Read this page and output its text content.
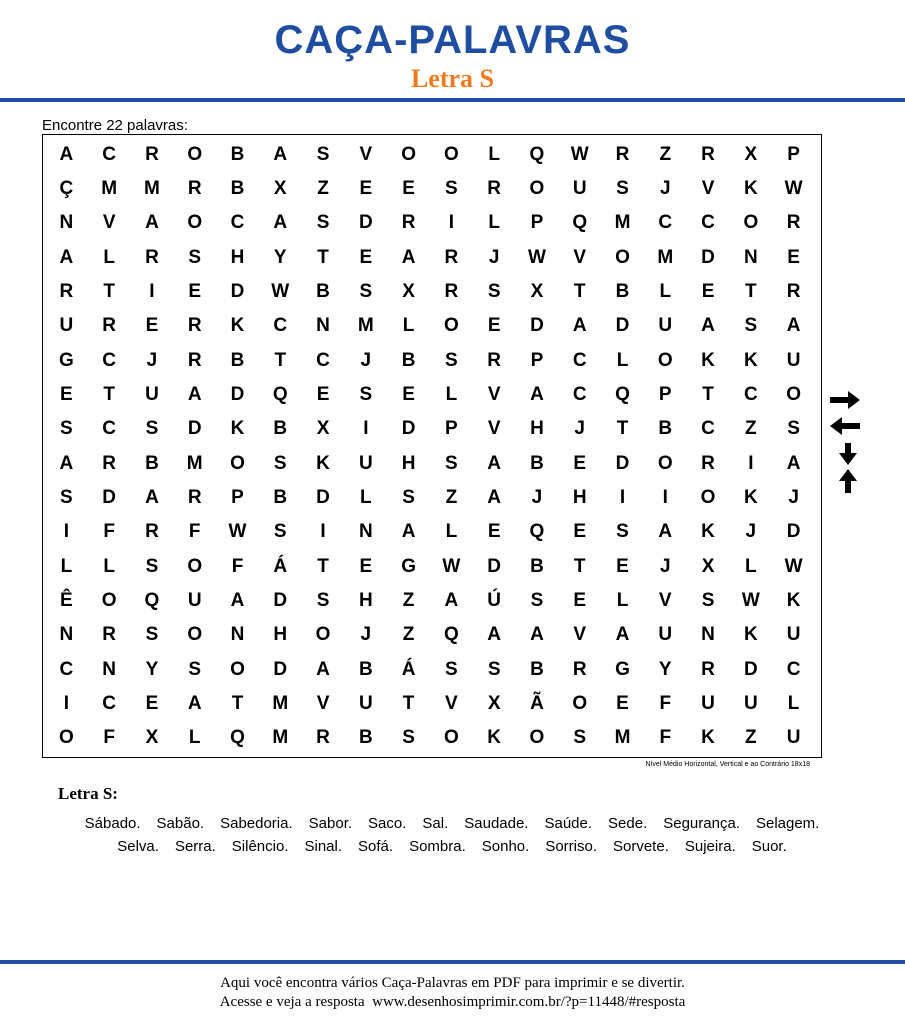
CAÇA-PALAVRAS
Letra S
Encontre 22 palavras:
A	C	R	O	B	A	S	V	O	O	L	Q	W	R	Z	R	X	P
Ç	M	M	R	B	X	Z	E	E	S	R	O	U	S	J	V	K	W
N	V	A	O	C	A	S	D	R	I	L	P	Q	M	C	C	O	R
A	L	R	S	H	Y	T	E	A	R	J	W	V	O	M	D	N	E
R	T	I	E	D	W	B	S	X	R	S	X	T	B	L	E	T	R
U	R	E	R	K	C	N	M	L	O	E	D	A	D	U	A	S	A
G	C	J	R	B	T	C	J	B	S	R	P	C	L	O	K	K	U
E	T	U	A	D	Q	E	S	E	L	V	A	C	Q	P	T	C	O
S	C	S	D	K	B	X	I	D	P	V	H	J	T	B	C	Z	S
A	R	B	M	O	S	K	U	H	S	A	B	E	D	O	R	I	A
S	D	A	R	P	B	D	L	S	Z	A	J	H	I	I	O	K	J
I	F	R	F	W	S	I	N	A	L	E	Q	E	S	A	K	J	D
L	L	S	O	F	Á	T	E	G	W	D	B	T	E	J	X	L	W
Ê	O	Q	U	A	D	S	H	Z	A	Ú	S	E	L	V	S	W	K
N	R	S	O	N	H	O	J	Z	Q	A	A	V	A	U	N	K	U
C	N	Y	S	O	D	A	B	Á	S	S	B	R	G	Y	R	D	C
I	C	E	A	T	M	V	U	T	V	X	Ã	O	E	F	U	U	L
O	F	X	L	Q	M	R	B	S	O	K	O	S	M	F	K	Z	U
Nível Médio Horizontal, Vertical e ao Contrário 18x18
Letra S:
Sábado. Sabão. Sabedoria. Sabor. Saco. Sal. Saudade. Saúde. Sede. Segurança. Selagem.Selva. Serra. Silêncio. Sinal. Sofá. Sombra. Sonho. Sorriso. Sorvete. Sujeira. Suor.
Aqui você encontra vários Caça-Palavras em PDF para imprimir e se divertir.
Acesse e veja a resposta  www.desenhosimprimir.com.br/?p=11448/#resposta
